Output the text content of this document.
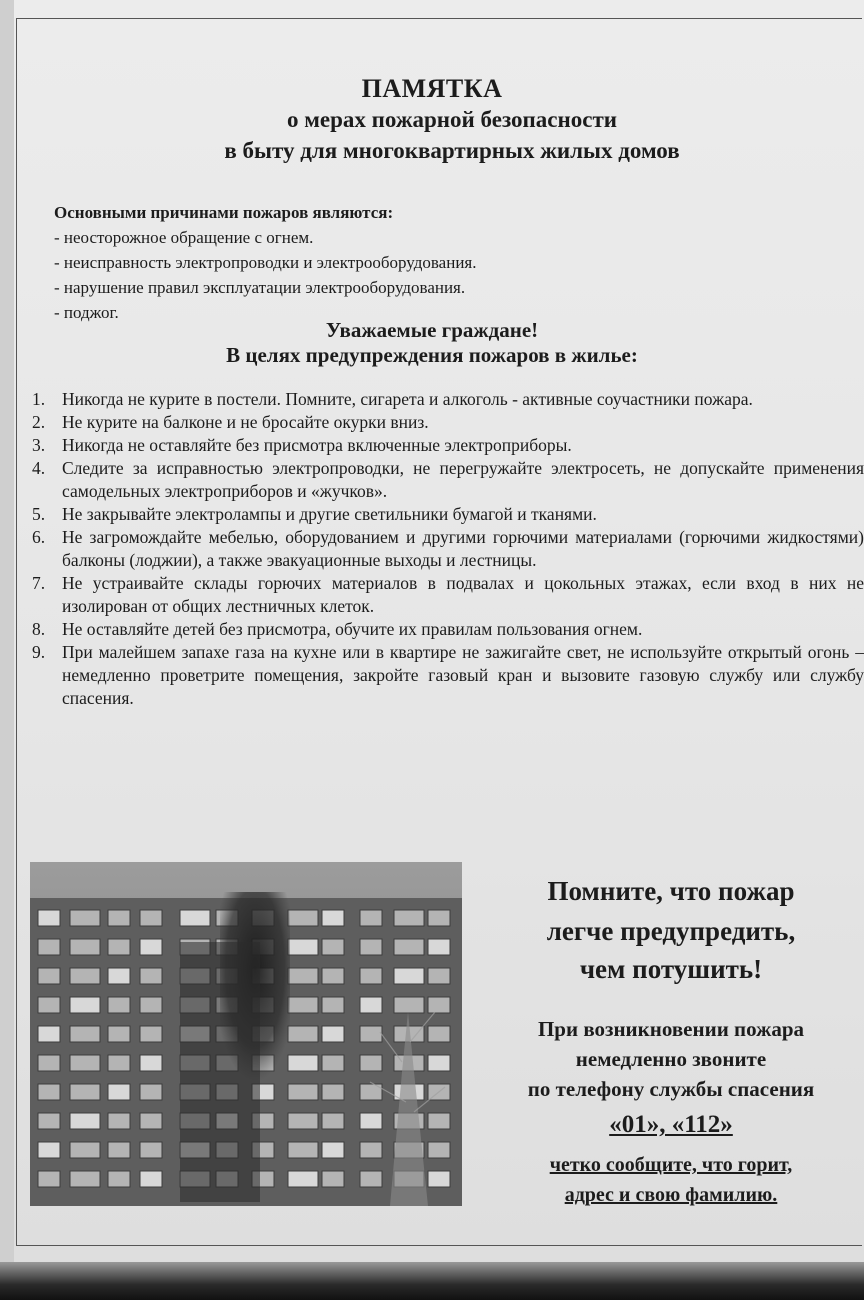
ПАМЯТКА
о мерах пожарной безопасности
в быту для многоквартирных жилых домов
Основными причинами пожаров являются:
- неосторожное обращение с огнем.
- неисправность электропроводки и электрооборудования.
- нарушение правил эксплуатации электрооборудования.
- поджог.
Уважаемые граждане!
В целях предупреждения пожаров в жилье:
1. Никогда не курите в постели. Помните, сигарета и алкоголь - активные соучастники пожара.
2. Не курите на балконе и не бросайте окурки вниз.
3. Никогда не оставляйте без присмотра включенные электроприборы.
4. Следите за исправностью электропроводки, не перегружайте электросеть, не допускайте применения самодельных электроприборов и «жучков».
5. Не закрывайте электролампы и другие светильники бумагой и тканями.
6. Не загромождайте мебелью, оборудованием и другими горючими материалами (горючими жидкостями) балконы (лоджии), а также эвакуационные выходы и лестницы.
7. Не устраивайте склады горючих материалов в подвалах и цокольных этажах, если вход в них не изолирован от общих лестничных клеток.
8. Не оставляйте детей без присмотра, обучите их правилам пользования огнем.
9. При малейшем запахе газа на кухне или в квартире не зажигайте свет, не используйте открытый огонь – немедленно проветрите помещения, закройте газовый кран и вызовите газовую службу или службу спасения.
Помните, что пожар
легче предупредить,
чем потушить!
При возникновении пожара
немедленно звоните
по телефону службы спасения
«01», «112»
четко сообщите, что горит,
адрес и свою фамилию.
